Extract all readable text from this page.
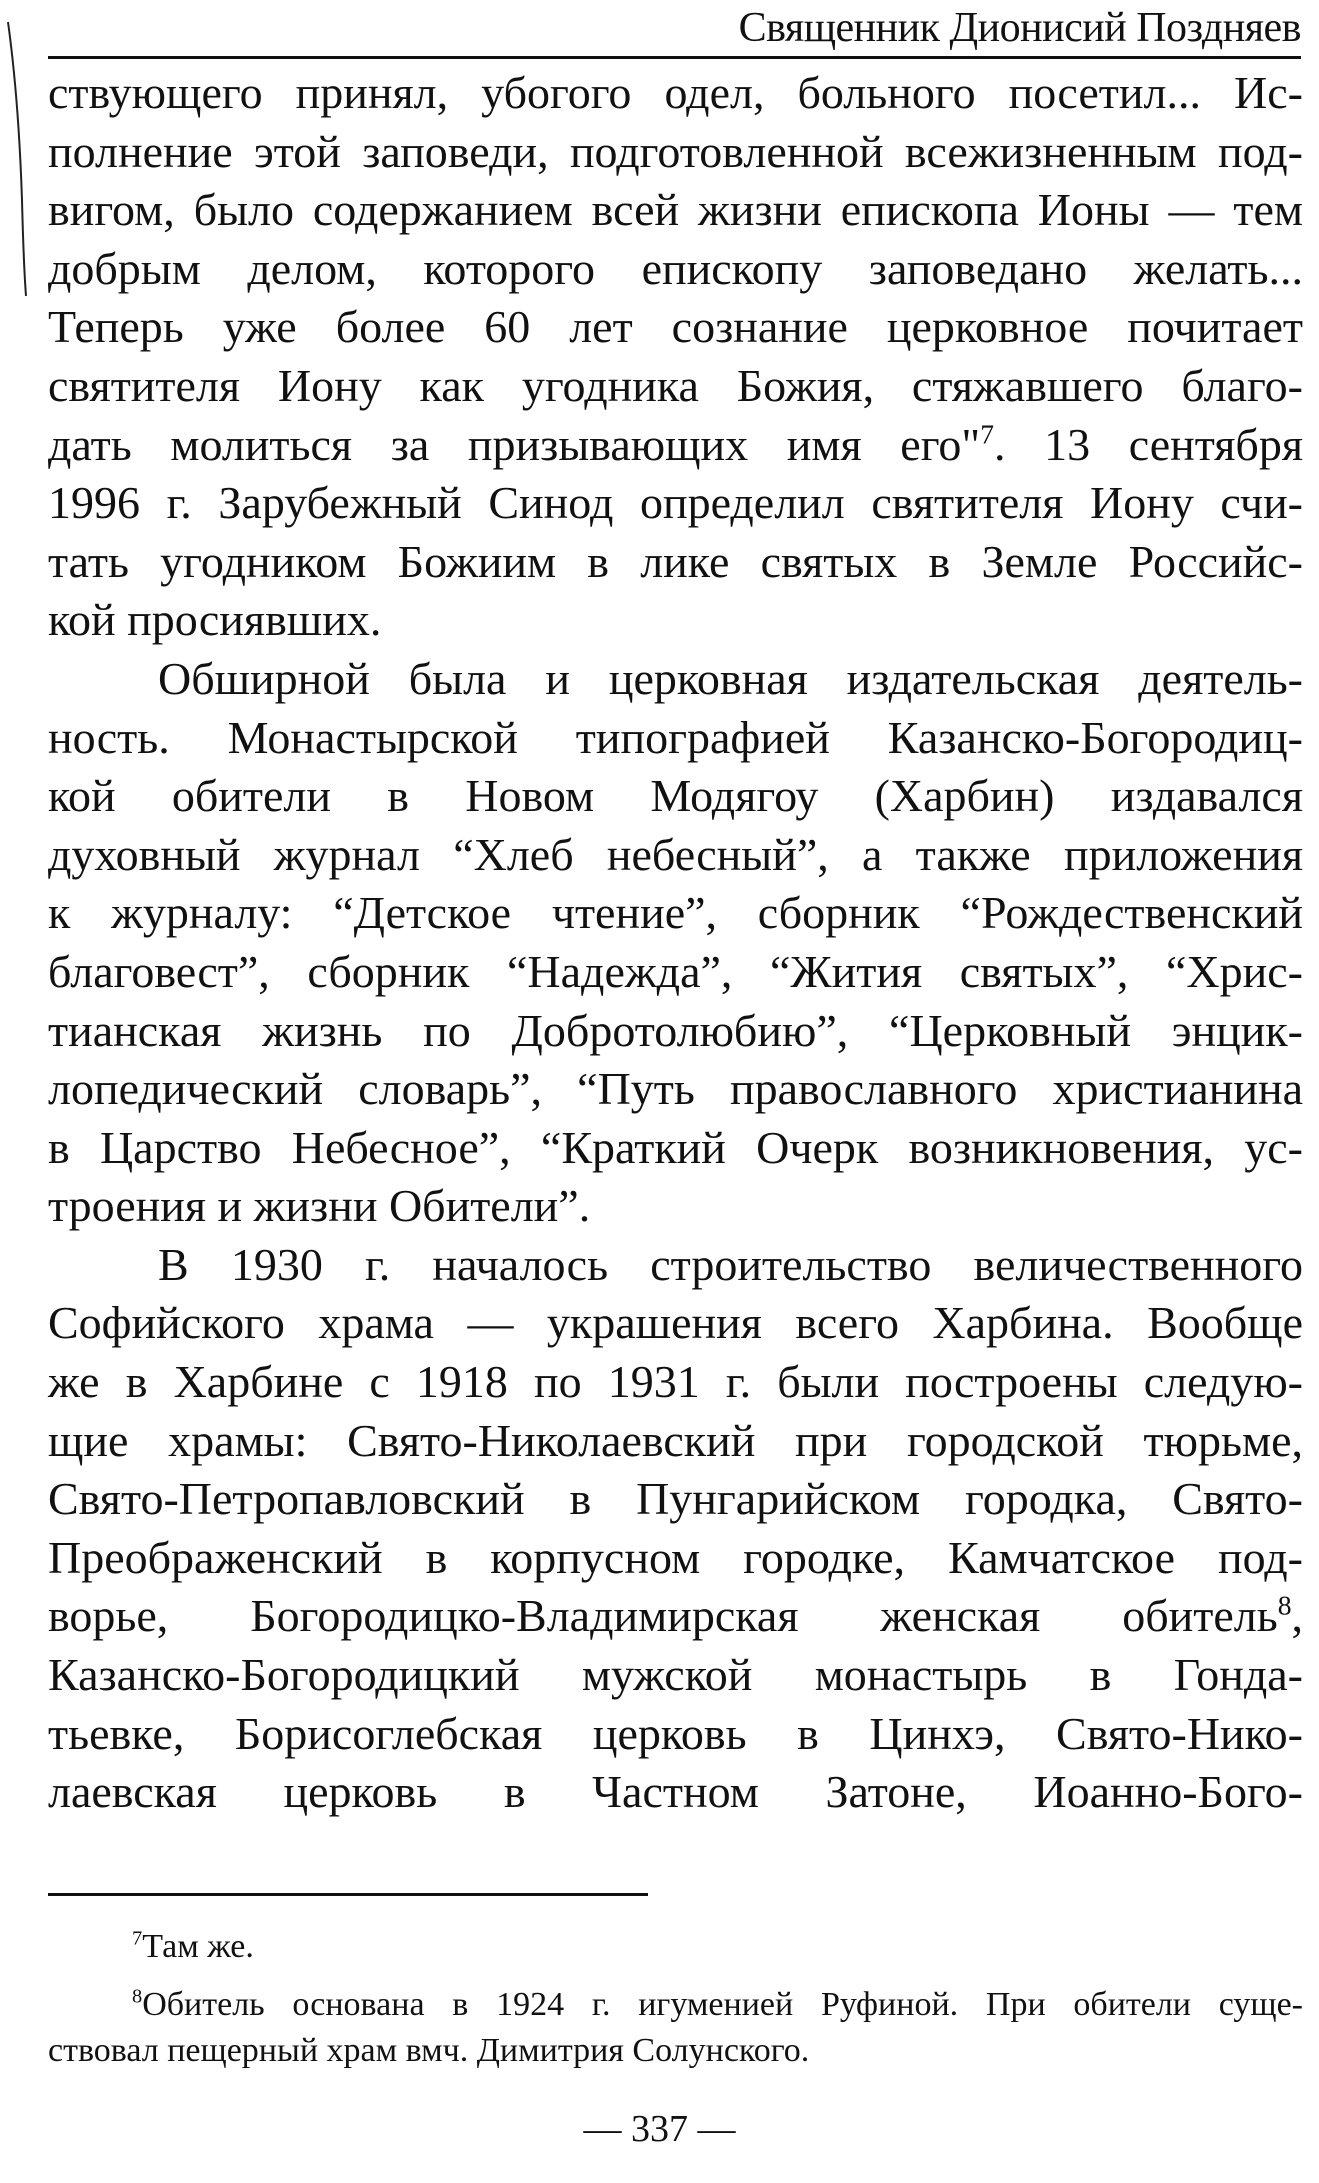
Священник Дионисий Поздняев
ствующего принял, убогого одел, больного посетил... Ис-
полнение этой заповеди, подготовленной всежизненным под-
вигом, было содержанием всей жизни епископа Ионы — тем
добрым делом, которого епископу заповедано желать...
Теперь уже более 60 лет сознание церковное почитает
святителя Иону как угодника Божия, стяжавшего благо-
дать молиться за призывающих имя его"$^7$. 13 сентября
1996 г. Зарубежный Синод определил святителя Иону счи-
тать угодником Божиим в лике святых в Земле Российс-
кой просиявших.
Обширной была и церковная издательская деятель-
ность. Монастырской типографией Казанско-Богородиц-
кой обители в Новом Модягоу (Харбин) издавался
духовный журнал “Хлеб небесный”, а также приложения
к журналу: “Детское чтение”, сборник “Рождественский
благовест”, сборник “Надежда”, “Жития святых”, “Хрис-
тианская жизнь по Добротолюбию”, “Церковный энцик-
лопедический словарь”, “Путь православного христианина
в Царство Небесное”, “Краткий Очерк возникновения, ус-
троения и жизни Обители”.
В 1930 г. началось строительство величественного
Софийского храма — украшения всего Харбина. Вообще
же в Харбине с 1918 по 1931 г. были построены следую-
щие храмы: Свято-Николаевский при городской тюрьме,
Свято-Петропавловский в Пунгарийском городка, Свято-
Преображенский в корпусном городке, Камчатское под-
ворье, Богородицко-Владимирская женская обитель$^8$,
Казанско-Богородицкий мужской монастырь в Гонда-
тьевке, Борисоглебская церковь в Цинхэ, Свято-Нико-
лаевская церковь в Частном Затоне, Иоанно-Бого-
$^7$Там же.
$^8$Обитель основана в 1924 г. игуменией Руфиной. При обители суще-
ствовал пещерный храм вмч. Димитрия Солунского.
— 337 —
